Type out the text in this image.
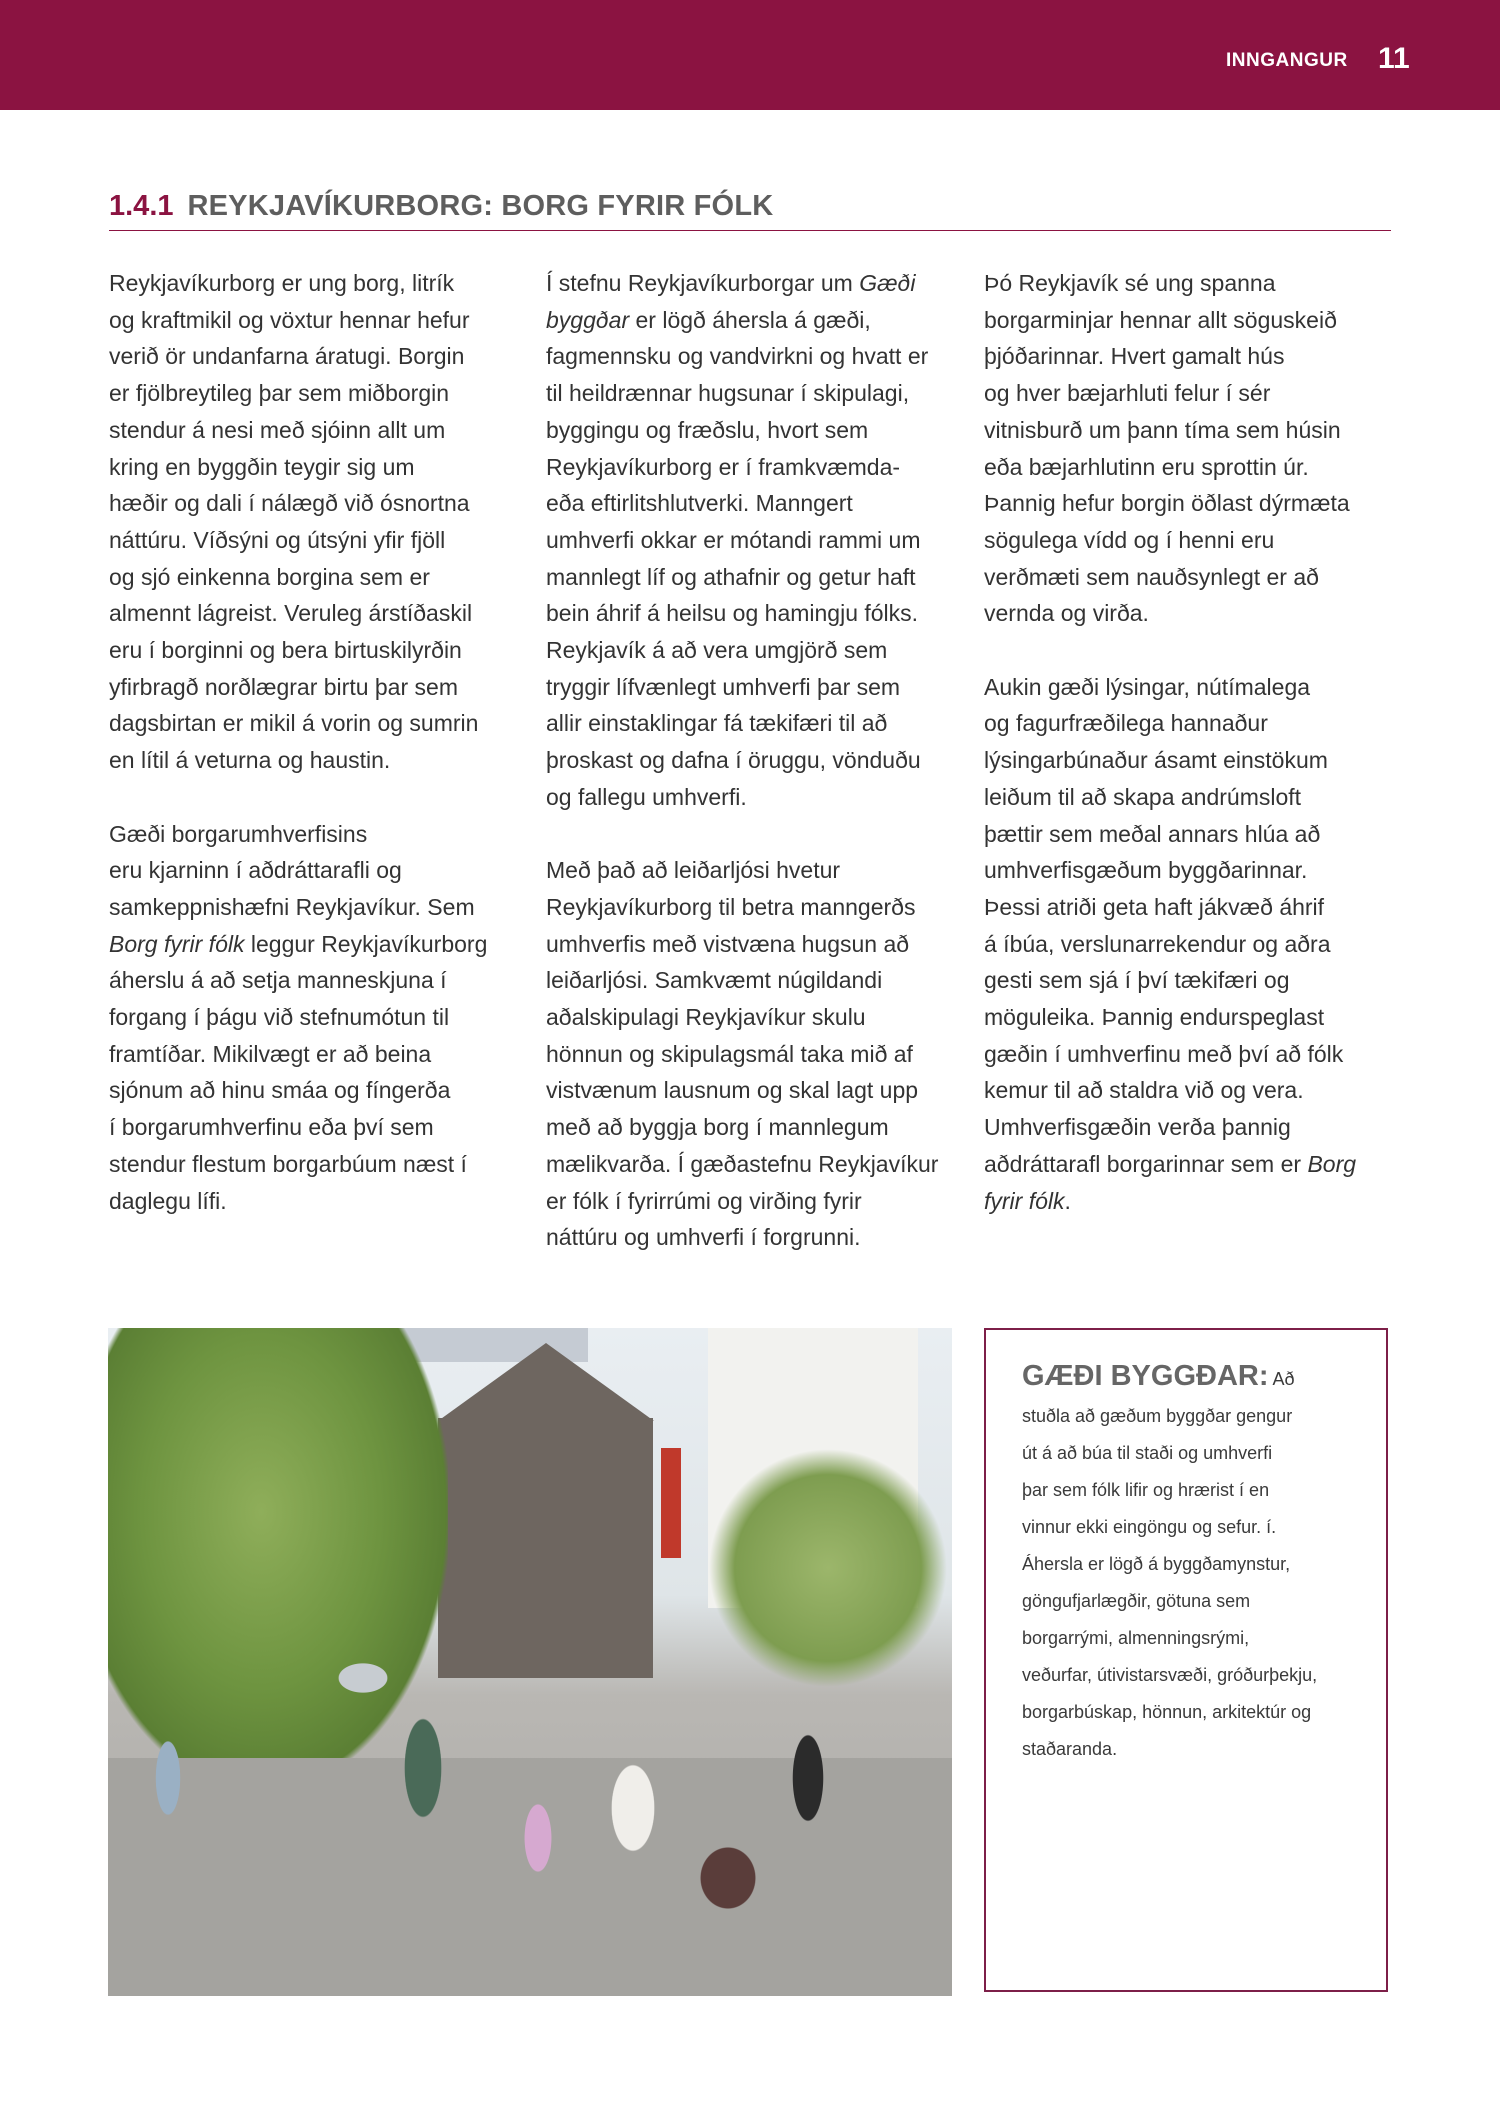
INNGANGUR 11
1.4.1 REYKJAVÍKURBORG: BORG FYRIR FÓLK

Reykjavíkurborg er ung borg, litrík
og kraftmikil og vöxtur hennar hefur
verið ör undanfarna áratugi. Borgin
er fjölbreytileg þar sem miðborgin
stendur á nesi með sjóinn allt um
kring en byggðin teygir sig um
hæðir og dali í nálægð við ósnortna
náttúru. Víðsýni og útsýni yfir fjöll
og sjó einkenna borgina sem er
almennt lágreist. Veruleg árstíðaskil
eru í borginni og bera birtuskilyrðin
yfirbragð norðlægrar birtu þar sem
dagsbirtan er mikil á vorin og sumrin
en lítil á veturna og haustin.

Gæði borgarumhverfisins
eru kjarninn í aðdráttarafli og
samkeppnishæfni Reykjavíkur. Sem
Borg fyrir fólk leggur Reykjavíkurborg
áherslu á að setja manneskjuna í
forgang í þágu við stefnumótun til
framtíðar. Mikilvægt er að beina
sjónum að hinu smáa og fíngerða
í borgarumhverfinu eða því sem
stendur flestum borgarbúum næst í
daglegu lífi.

Í stefnu Reykjavíkurborgar um Gæði
byggðar er lögð áhersla á gæði,
fagmennsku og vandvirkni og hvatt er
til heildrænnar hugsunar í skipulagi,
byggingu og fræðslu, hvort sem
Reykjavíkurborg er í framkvæmda-
eða eftirlitshlutverki. Manngert
umhverfi okkar er mótandi rammi um
mannlegt líf og athafnir og getur haft
bein áhrif á heilsu og hamingju fólks.
Reykjavík á að vera umgjörð sem
tryggir lífvænlegt umhverfi þar sem
allir einstaklingar fá tækifæri til að
þroskast og dafna í öruggu, vönduðu
og fallegu umhverfi.

Með það að leiðarljósi hvetur
Reykjavíkurborg til betra manngerðs
umhverfis með vistvæna hugsun að
leiðarljósi. Samkvæmt núgildandi
aðalskipulagi Reykjavíkur skulu
hönnun og skipulagsmál taka mið af
vistvænum lausnum og skal lagt upp
með að byggja borg í mannlegum
mælikvarða. Í gæðastefnu Reykjavíkur
er fólk í fyrirrúmi og virðing fyrir
náttúru og umhverfi í forgrunni.

Þó Reykjavík sé ung spanna
borgarminjar hennar allt söguskeið
þjóðarinnar. Hvert gamalt hús
og hver bæjarhluti felur í sér
vitnisburð um þann tíma sem húsin
eða bæjarhlutinn eru sprottin úr.
Þannig hefur borgin öðlast dýrmæta
sögulega vídd og í henni eru
verðmæti sem nauðsynlegt er að
vernda og virða.

Aukin gæði lýsingar, nútímalega
og fagurfræðilega hannaður
lýsingarbúnaður ásamt einstökum
leiðum til að skapa andrúmsloft
þættir sem meðal annars hlúa að
umhverfisgæðum byggðarinnar.
Þessi atriði geta haft jákvæð áhrif
á íbúa, verslunarrekendur og aðra
gesti sem sjá í því tækifæri og
möguleika. Þannig endurspeglast
gæðin í umhverfinu með því að fólk
kemur til að staldra við og vera.
Umhverfisgæðin verða þannig
aðdráttarafl borgarinnar sem er Borg
fyrir fólk.

GÆÐI BYGGÐAR: Að
stuðla að gæðum byggðar gengur
út á að búa til staði og umhverfi
þar sem fólk lifir og hrærist í en
vinnur ekki eingöngu og sefur. í.
Áhersla er lögð á byggðamynstur,
göngufjarlægðir, götuna sem
borgarrými, almenningsrými,
veðurfar, útivistarsvæði, gróðurþekju,
borgarbúskap, hönnun, arkitektúr og
staðaranda.
